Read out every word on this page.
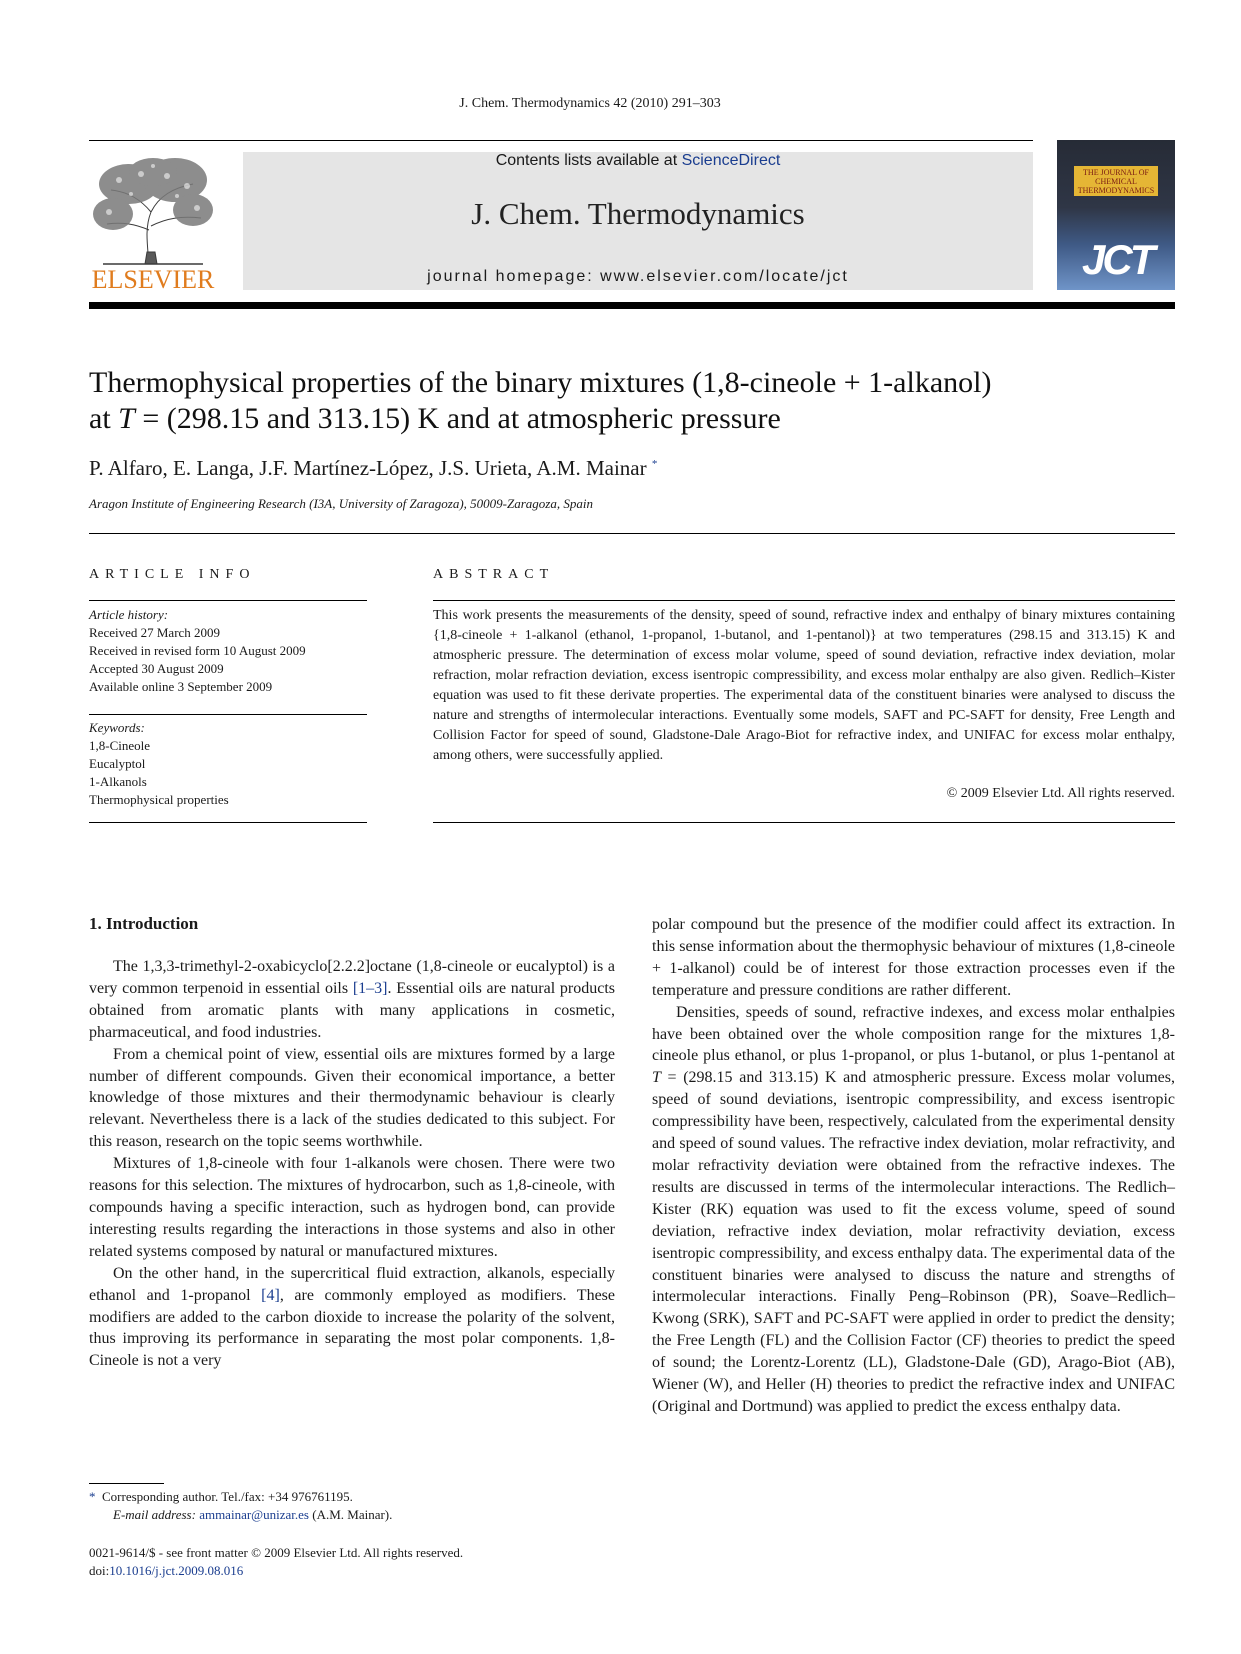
J. Chem. Thermodynamics 42 (2010) 291–303
ELSEVIER
Contents lists available at ScienceDirect
J. Chem. Thermodynamics
journal homepage: www.elsevier.com/locate/jct
THE JOURNAL OF CHEMICAL THERMODYNAMICS
JCT
Thermophysical properties of the binary mixtures (1,8-cineole + 1-alkanol)
at T = (298.15 and 313.15) K and at atmospheric pressure
P. Alfaro, E. Langa, J.F. Martínez-López, J.S. Urieta, A.M. Mainar *
Aragon Institute of Engineering Research (I3A, University of Zaragoza), 50009-Zaragoza, Spain
ARTICLE INFO
Article history:
Received 27 March 2009
Received in revised form 10 August 2009
Accepted 30 August 2009
Available online 3 September 2009
Keywords:
1,8-Cineole
Eucalyptol
1-Alkanols
Thermophysical properties
ABSTRACT
This work presents the measurements of the density, speed of sound, refractive index and enthalpy of binary mixtures containing {1,8-cineole + 1-alkanol (ethanol, 1-propanol, 1-butanol, and 1-pentanol)} at two temperatures (298.15 and 313.15) K and atmospheric pressure. The determination of excess molar volume, speed of sound deviation, refractive index deviation, molar refraction, molar refraction deviation, excess isentropic compressibility, and excess molar enthalpy are also given. Redlich–Kister equation was used to fit these derivate properties. The experimental data of the constituent binaries were analysed to discuss the nature and strengths of intermolecular interactions. Eventually some models, SAFT and PC-SAFT for density, Free Length and Collision Factor for speed of sound, Gladstone-Dale Arago-Biot for refractive index, and UNIFAC for excess molar enthalpy, among others, were successfully applied.
© 2009 Elsevier Ltd. All rights reserved.
1. Introduction

The 1,3,3-trimethyl-2-oxabicyclo[2.2.2]octane (1,8-cineole or eucalyptol) is a very common terpenoid in essential oils [1–3]. Essential oils are natural products obtained from aromatic plants with many applications in cosmetic, pharmaceutical, and food industries.

From a chemical point of view, essential oils are mixtures formed by a large number of different compounds. Given their economical importance, a better knowledge of those mixtures and their thermodynamic behaviour is clearly relevant. Nevertheless there is a lack of the studies dedicated to this subject. For this reason, research on the topic seems worthwhile.

Mixtures of 1,8-cineole with four 1-alkanols were chosen. There were two reasons for this selection. The mixtures of hydrocarbon, such as 1,8-cineole, with compounds having a specific interaction, such as hydrogen bond, can provide interesting results regarding the interactions in those systems and also in other related systems composed by natural or manufactured mixtures.

On the other hand, in the supercritical fluid extraction, alkanols, especially ethanol and 1-propanol [4], are commonly employed as modifiers. These modifiers are added to the carbon dioxide to increase the polarity of the solvent, thus improving its performance in separating the most polar components. 1,8-Cineole is not a very

polar compound but the presence of the modifier could affect its extraction. In this sense information about the thermophysic behaviour of mixtures (1,8-cineole + 1-alkanol) could be of interest for those extraction processes even if the temperature and pressure conditions are rather different.

Densities, speeds of sound, refractive indexes, and excess molar enthalpies have been obtained over the whole composition range for the mixtures 1,8-cineole plus ethanol, or plus 1-propanol, or plus 1-butanol, or plus 1-pentanol at T = (298.15 and 313.15) K and atmospheric pressure. Excess molar volumes, speed of sound deviations, isentropic compressibility, and excess isentropic compressibility have been, respectively, calculated from the experimental density and speed of sound values. The refractive index deviation, molar refractivity, and molar refractivity deviation were obtained from the refractive indexes. The results are discussed in terms of the intermolecular interactions. The Redlich–Kister (RK) equation was used to fit the excess volume, speed of sound deviation, refractive index deviation, molar refractivity deviation, excess isentropic compressibility, and excess enthalpy data. The experimental data of the constituent binaries were analysed to discuss the nature and strengths of intermolecular interactions. Finally Peng–Robinson (PR), Soave–Redlich–Kwong (SRK), SAFT and PC-SAFT were applied in order to predict the density; the Free Length (FL) and the Collision Factor (CF) theories to predict the speed of sound; the Lorentz-Lorentz (LL), Gladstone-Dale (GD), Arago-Biot (AB), Wiener (W), and Heller (H) theories to predict the refractive index and UNIFAC (Original and Dortmund) was applied to predict the excess enthalpy data.

* Corresponding author. Tel./fax: +34 976761195.
E-mail address: ammainar@unizar.es (A.M. Mainar).
0021-9614/$ - see front matter © 2009 Elsevier Ltd. All rights reserved.
doi:10.1016/j.jct.2009.08.016
